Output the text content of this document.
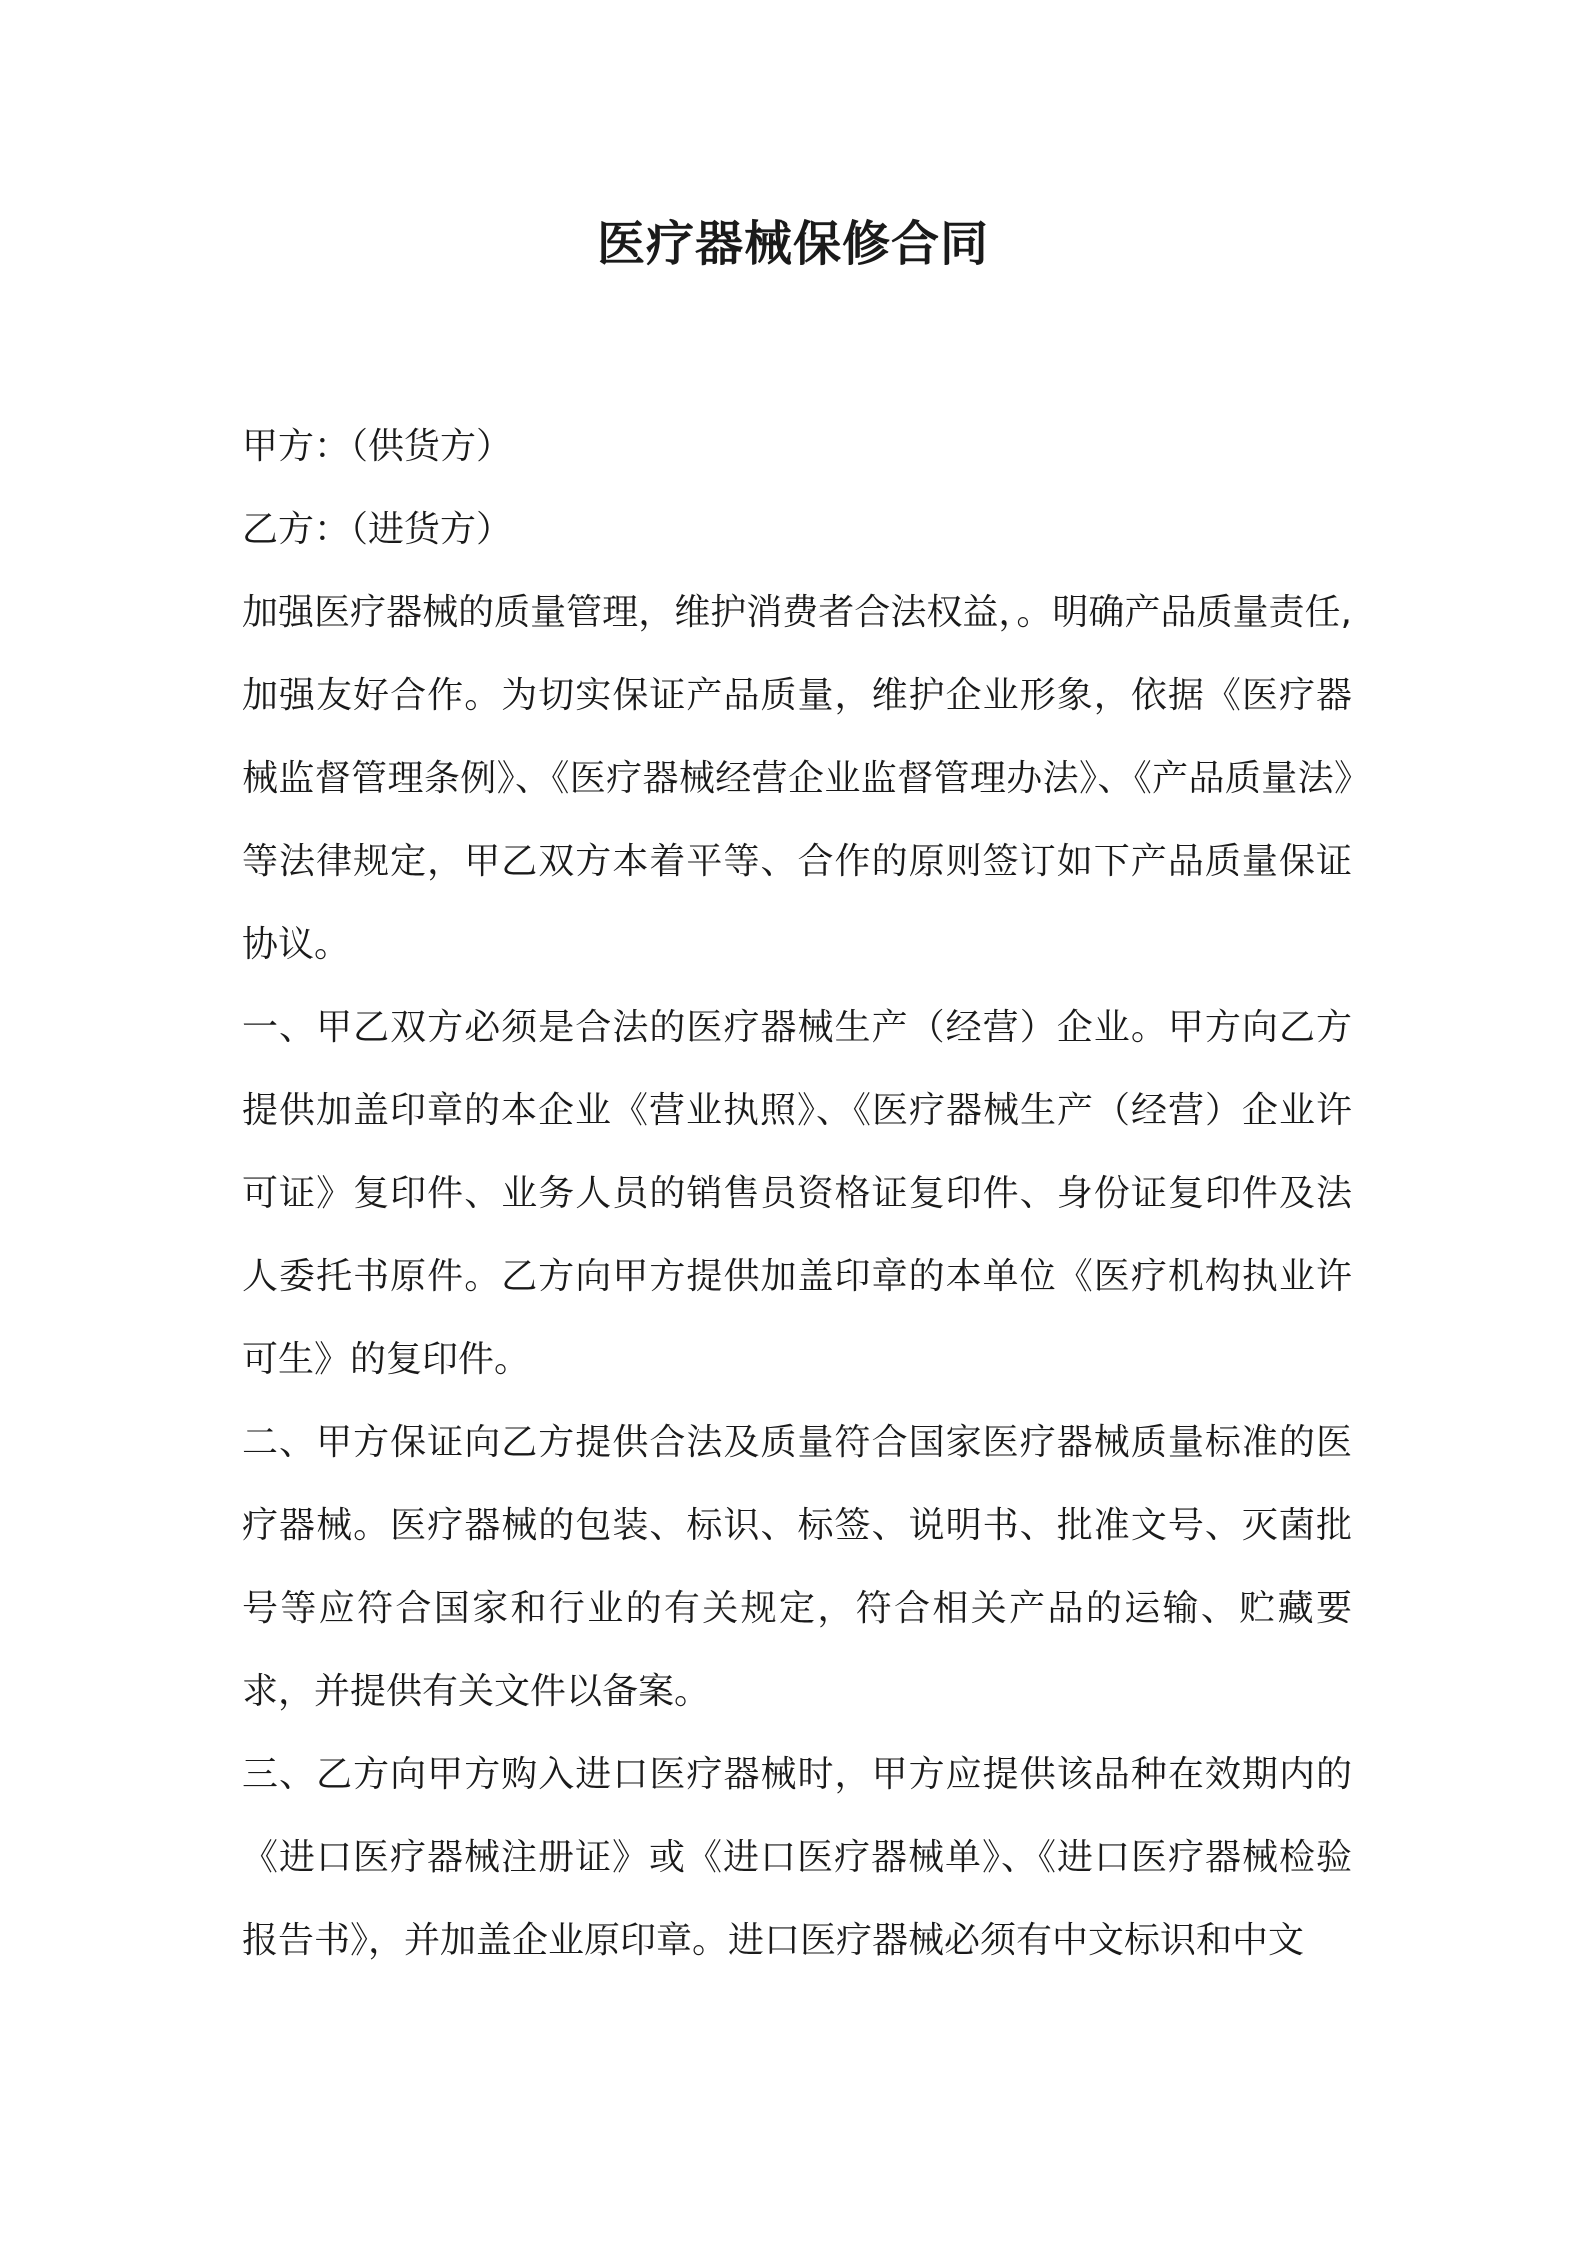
医疗器械保修合同

甲方：（供货方）

乙方：（进货方）

加强医疗器械的质量管理，维护消费者合法权益，。明确产品质量责任,加强友好合作。为切实保证产品质量，维护企业形象，依据《医疗器械监督管理条例》、《医疗器械经营企业监督管理办法》、《产品质量法》等法律规定，甲乙双方本着平等、合作的原则签订如下产品质量保证协议。

一、甲乙双方必须是合法的医疗器械生产（经营）企业。甲方向乙方提供加盖印章的本企业《营业执照》、《医疗器械生产（经营）企业许可证》复印件、业务人员的销售员资格证复印件、身份证复印件及法人委托书原件。乙方向甲方提供加盖印章的本单位《医疗机构执业许可生》的复印件。

二、甲方保证向乙方提供合法及质量符合国家医疗器械质量标准的医疗器械。医疗器械的包装、标识、标签、说明书、批准文号、灭菌批号等应符合国家和行业的有关规定，符合相关产品的运输、贮藏要求，并提供有关文件以备案。

三、乙方向甲方购入进口医疗器械时，甲方应提供该品种在效期内的《进口医疗器械注册证》或《进口医疗器械单》、《进口医疗器械检验报告书》，并加盖企业原印章。进口医疗器械必须有中文标识和中文
